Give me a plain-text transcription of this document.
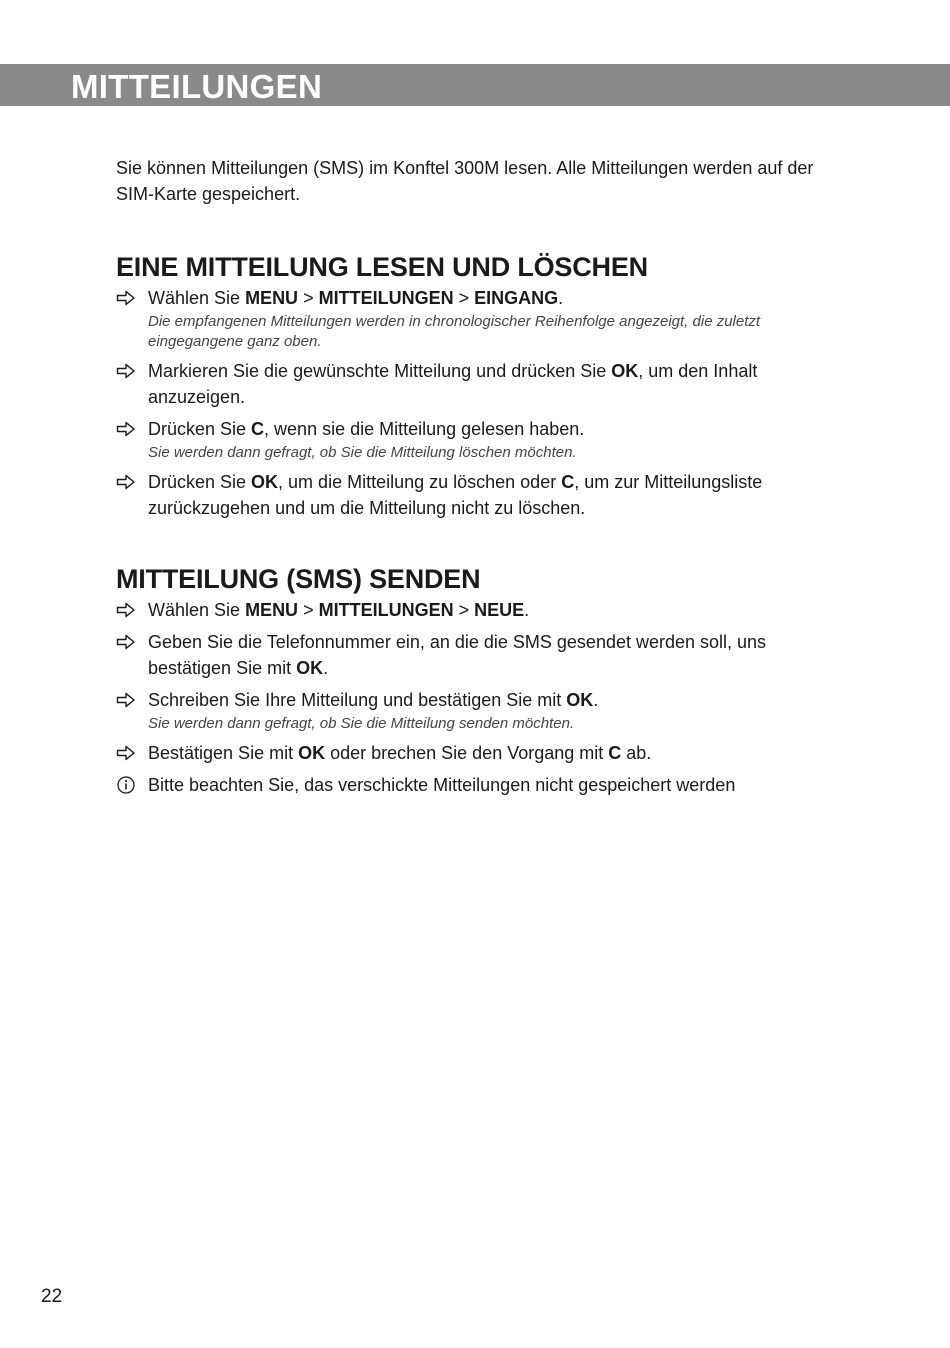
MITTEILUNGEN

Sie können Mitteilungen (SMS) im Konftel 300M lesen. Alle Mitteilungen werden auf der SIM-Karte gespeichert.

EINE MITTEILUNG LESEN UND LÖSCHEN
Wählen Sie MENU > MITTEILUNGEN > EINGANG.
Die empfangenen Mitteilungen werden in chronologischer Reihenfolge angezeigt, die zuletzt eingegangene ganz oben.
Markieren Sie die gewünschte Mitteilung und drücken Sie OK, um den Inhalt anzuzeigen.
Drücken Sie C, wenn sie die Mitteilung gelesen haben.
Sie werden dann gefragt, ob Sie die Mitteilung löschen möchten.
Drücken Sie OK, um die Mitteilung zu löschen oder C, um zur Mitteilungsliste zurückzugehen und um die Mitteilung nicht zu löschen.
MITTEILUNG (SMS) SENDEN
Wählen Sie MENU > MITTEILUNGEN > NEUE.
Geben Sie die Telefonnummer ein, an die die SMS gesendet werden soll, uns bestätigen Sie mit OK.
Schreiben Sie Ihre Mitteilung und bestätigen Sie mit OK.
Sie werden dann gefragt, ob Sie die Mitteilung senden möchten.
Bestätigen Sie mit OK oder brechen Sie den Vorgang mit C ab.
Bitte beachten Sie, das verschickte Mitteilungen nicht gespeichert werden
22
